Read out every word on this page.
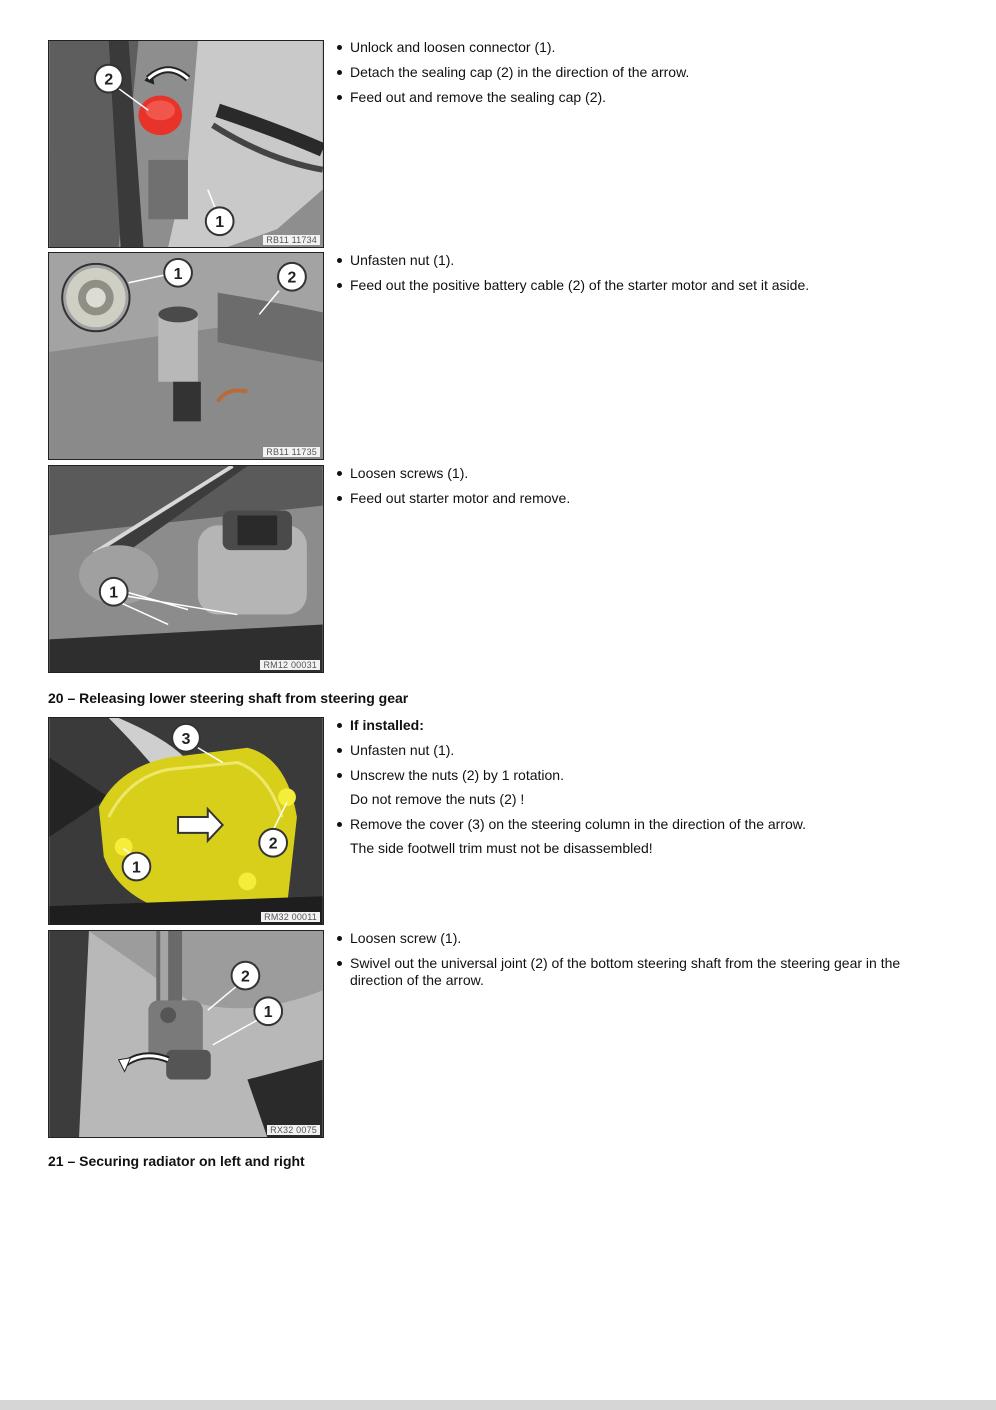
2
1
RB11 11734
Unlock and loosen connector (1).
Detach the sealing cap (2) in the direction of the arrow.
Feed out and remove the sealing cap (2).
1	2
RB11 11735
Unfasten nut (1).
Feed out the positive battery cable (2) of the starter motor and set it aside.
1
RM12 00031
Loosen screws (1).
Feed out starter motor and remove.
20 – Releasing lower steering shaft from steering gear
3
2
1
RM32 00011
If installed:
Unfasten nut (1).
Unscrew the nuts (2) by 1 rotation.
Do not remove the nuts (2) !
Remove the cover (3) on the steering column in the direction of the arrow.
The side footwell trim must not be disassembled!
2
1
RX32 0075
Loosen screw (1).
Swivel out the universal joint (2) of the bottom steering shaft from the steering gear in the direction of the arrow.
21 – Securing radiator on left and right
